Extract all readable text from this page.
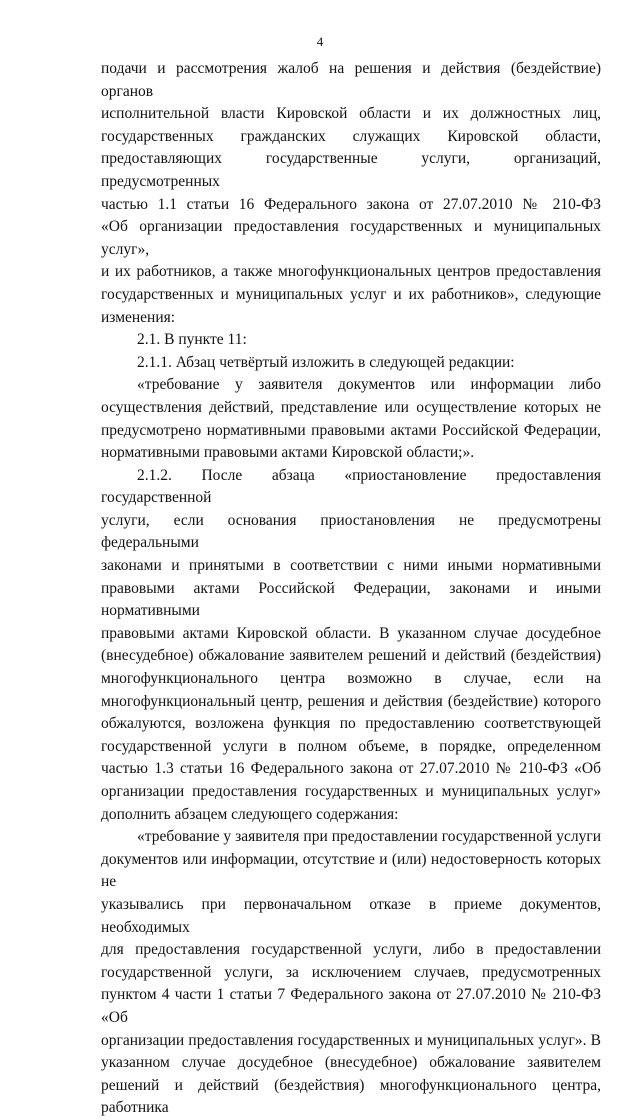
4
подачи и рассмотрения жалоб на решения и действия (бездействие) органов
исполнительной власти Кировской области и их должностных лиц,
государственных гражданских служащих Кировской области,
предоставляющих государственные услуги, организаций, предусмотренных
частью 1.1 статьи 16 Федерального закона от 27.07.2010 № 210-ФЗ
«Об организации предоставления государственных и муниципальных услуг»,
и их работников, а также многофункциональных центров предоставления
государственных и муниципальных услуг и их работников», следующие
изменения:
2.1. В пункте 11:
2.1.1. Абзац четвёртый изложить в следующей редакции:
«требование у заявителя документов или информации либо
осуществления действий, представление или осуществление которых не
предусмотрено нормативными правовыми актами Российской Федерации,
нормативными правовыми актами Кировской области;».
2.1.2. После абзаца «приостановление предоставления государственной
услуги, если основания приостановления не предусмотрены федеральными
законами и принятыми в соответствии с ними иными нормативными
правовыми актами Российской Федерации, законами и иными нормативными
правовыми актами Кировской области. В указанном случае досудебное
(внесудебное) обжалование заявителем решений и действий (бездействия)
многофункционального центра возможно в случае, если на
многофункциональный центр, решения и действия (бездействие) которого
обжалуются, возложена функция по предоставлению соответствующей
государственной услуги в полном объеме, в порядке, определенном
частью 1.3 статьи 16 Федерального закона от 27.07.2010 № 210-ФЗ «Об
организации предоставления государственных и муниципальных услуг»
дополнить абзацем следующего содержания:
«требование у заявителя при предоставлении государственной услуги
документов или информации, отсутствие и (или) недостоверность которых не
указывались при первоначальном отказе в приеме документов, необходимых
для предоставления государственной услуги, либо в предоставлении
государственной услуги, за исключением случаев, предусмотренных
пунктом 4 части 1 статьи 7 Федерального закона от 27.07.2010 № 210-ФЗ «Об
организации предоставления государственных и муниципальных услуг». В
указанном случае досудебное (внесудебное) обжалование заявителем
решений и действий (бездействия) многофункционального центра, работника
